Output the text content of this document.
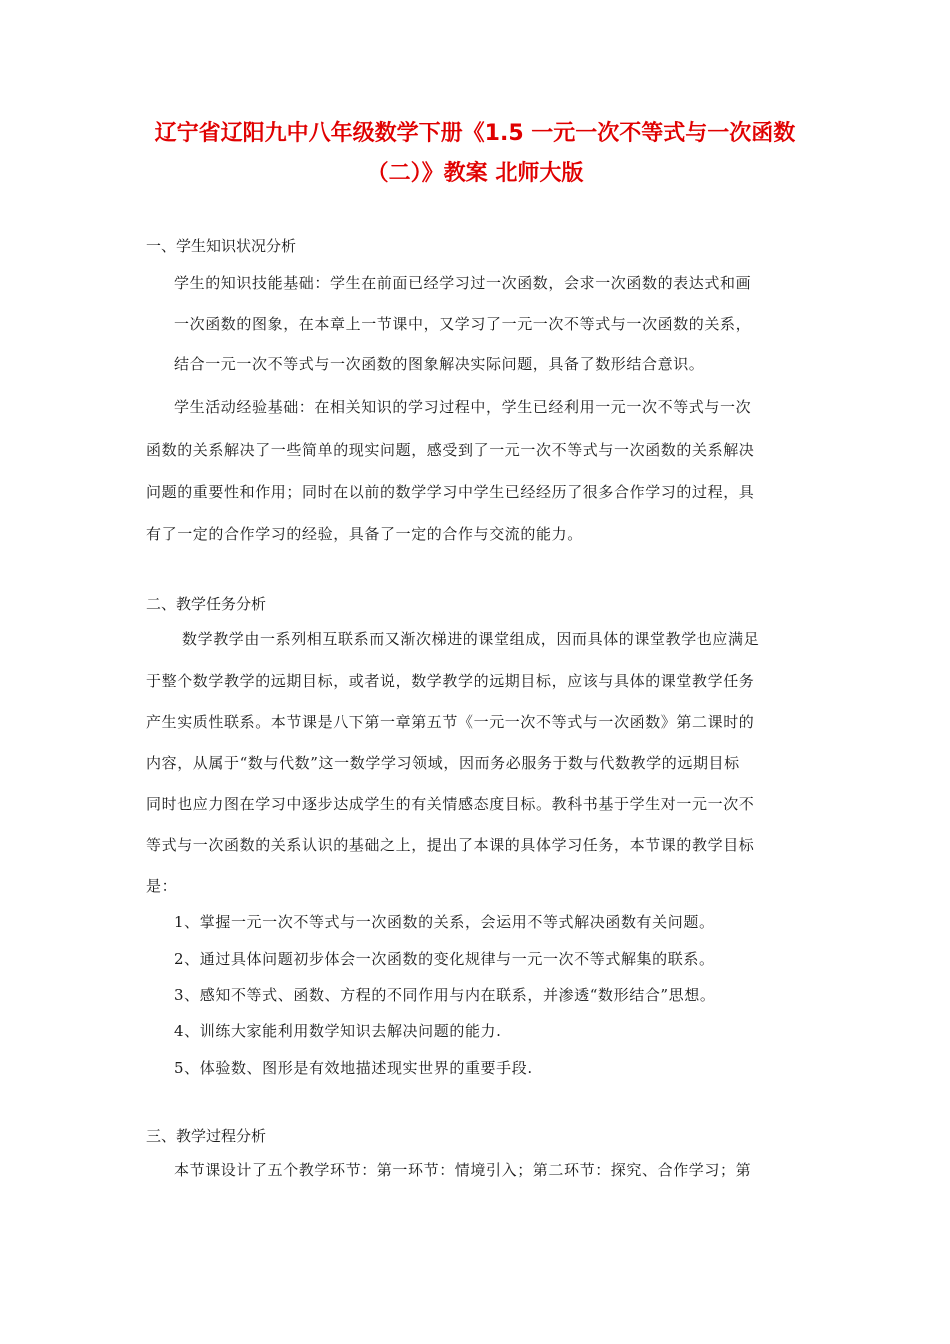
辽宁省辽阳九中八年级数学下册《1.5 一元一次不等式与一次函数
（二）》教案 北师大版
一、学生知识状况分析
学生的知识技能基础：学生在前面已经学习过一次函数，会求一次函数的表达式和画
一次函数的图象，在本章上一节课中，又学习了一元一次不等式与一次函数的关系，
结合一元一次不等式与一次函数的图象解决实际问题，具备了数形结合意识。
学生活动经验基础：在相关知识的学习过程中，学生已经利用一元一次不等式与一次
函数的关系解决了一些简单的现实问题，感受到了一元一次不等式与一次函数的关系解决
问题的重要性和作用；同时在以前的数学学习中学生已经经历了很多合作学习的过程，具
有了一定的合作学习的经验，具备了一定的合作与交流的能力。
二、教学任务分析
数学教学由一系列相互联系而又渐次梯进的课堂组成，因而具体的课堂教学也应满足
于整个数学教学的远期目标，或者说，数学教学的远期目标，应该与具体的课堂教学任务
产生实质性联系。本节课是八下第一章第五节《一元一次不等式与一次函数》第二课时的
内容，从属于“数与代数”这一数学学习领域，因而务必服务于数与代数教学的远期目标
同时也应力图在学习中逐步达成学生的有关情感态度目标。教科书基于学生对一元一次不
等式与一次函数的关系认识的基础之上，提出了本课的具体学习任务，本节课的教学目标
是：
1、掌握一元一次不等式与一次函数的关系，会运用不等式解决函数有关问题。
2、通过具体问题初步体会一次函数的变化规律与一元一次不等式解集的联系。
3、感知不等式、函数、方程的不同作用与内在联系，并渗透“数形结合”思想。
4、训练大家能利用数学知识去解决问题的能力.
5、体验数、图形是有效地描述现实世界的重要手段.
三、教学过程分析
本节课设计了五个教学环节：第一环节：情境引入；第二环节：探究、合作学习；第
